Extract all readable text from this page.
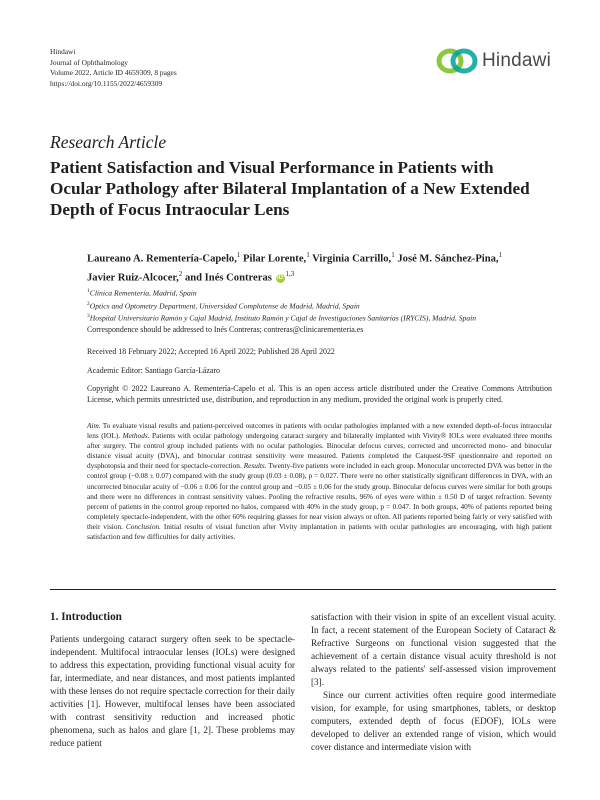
Hindawi
Journal of Ophthalmology
Volume 2022, Article ID 4659309, 8 pages
https://doi.org/10.1155/2022/4659309
Hindawi
Research Article
Patient Satisfaction and Visual Performance in Patients with
Ocular Pathology after Bilateral Implantation of a New Extended
Depth of Focus Intraocular Lens
Laureano A. Rementería-Capelo,$^1$ Pilar Lorente,$^1$ Virginia Carrillo,$^1$ José M. Sánchez-Pina,$^1$
Javier Ruiz-Alcocer,$^2$ and Inés Contreras iD $^{1,3}$
$^1$Clínica Rementería, Madrid, Spain
$^2$Optics and Optometry Department, Universidad Complutense de Madrid, Madrid, Spain
$^3$Hospital Universitario Ramón y Cajal Madrid, Instituto Ramón y Cajal de Investigaciones Sanitarias (IRYCIS), Madrid, Spain
Correspondence should be addressed to Inés Contreras; contreras@clinicarementeria.es
Received 18 February 2022; Accepted 16 April 2022; Published 28 April 2022
Academic Editor: Santiago García-Lázaro
Copyright © 2022 Laureano A. Rementería-Capelo et al. This is an open access article distributed under the Creative Commons Attribution License, which permits unrestricted use, distribution, and reproduction in any medium, provided the original work is properly cited.
Aim. To evaluate visual results and patient-perceived outcomes in patients with ocular pathologies implanted with a new extended depth-of-focus intraocular lens (IOL). Methods. Patients with ocular pathology undergoing cataract surgery and bilaterally implanted with Vivity® IOLs were evaluated three months after surgery. The control group included patients with no ocular pathologies. Binocular defocus curves, corrected and uncorrected mono- and binocular distance visual acuity (DVA), and binocular contrast sensitivity were measured. Patients completed the Catquest-9SF questionnaire and reported on dysphotopsia and their need for spectacle-correction. Results. Twenty-five patients were included in each group. Monocular uncorrected DVA was better in the control group (−0.08 ± 0.07) compared with the study group (0.03 ± 0.08), p = 0.027. There were no other statistically significant differences in DVA, with an uncorrected binocular acuity of −0.06 ± 0.06 for the control group and −0.05 ± 0.06 for the study group. Binocular defocus curves were similar for both groups and there were no differences in contrast sensitivity values. Pooling the refractive results, 96% of eyes were within ± 0.50 D of target refraction. Seventy percent of patients in the control group reported no halos, compared with 40% in the study group, p = 0.047. In both groups, 40% of patients reported being completely spectacle-independent, with the other 60% requiring glasses for near vision always or often. All patients reported being fairly or very satisfied with their vision. Conclusion. Initial results of visual function after Vivity implantation in patients with ocular pathologies are encouraging, with high patient satisfaction and few difficulties for daily activities.
1. Introduction

Patients undergoing cataract surgery often seek to be spectacle-independent. Multifocal intraocular lenses (IOLs) were designed to address this expectation, providing functional visual acuity for far, intermediate, and near distances, and most patients implanted with these lenses do not require spectacle correction for their daily activities [1]. However, multifocal lenses have been associated with contrast sensitivity reduction and increased photic phenomena, such as halos and glare [1, 2]. These problems may reduce patient

satisfaction with their vision in spite of an excellent visual acuity. In fact, a recent statement of the European Society of Cataract & Refractive Surgeons on functional vision suggested that the achievement of a certain distance visual acuity threshold is not always related to the patients' self-assessed vision improvement [3].

Since our current activities often require good intermediate vision, for example, for using smartphones, tablets, or desktop computers, extended depth of focus (EDOF), IOLs were developed to deliver an extended range of vision, which would cover distance and intermediate vision with
